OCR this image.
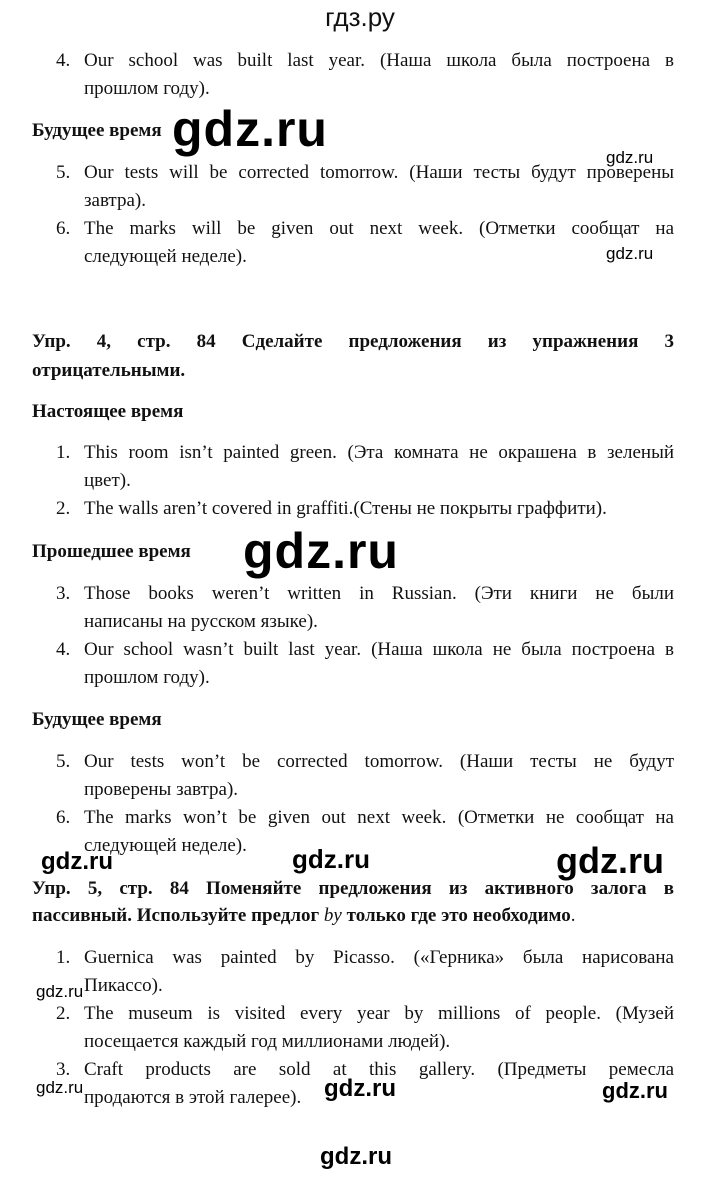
гдз.ру
4. Our school was built last year. (Наша школа была построена в
прошлом году).
Будущее время
5. Our tests will be corrected tomorrow. (Наши тесты будут проверены
завтра).
6. The marks will be given out next week. (Отметки сообщат на
следующей неделе).
Упр. 4, стр. 84 Сделайте предложения из упражнения 3
отрицательными.
Настоящее время
1. This room isn’t painted green. (Эта комната не окрашена в зеленый
цвет).
2. The walls aren’t covered in graffiti.(Стены не покрыты граффити).
Прошедшее время
3. Those books weren’t written in Russian. (Эти книги не были
написаны на русском языке).
4. Our school wasn’t built last year. (Наша школа не была построена в
прошлом году).
Будущее время
5. Our tests won’t be corrected tomorrow. (Наши тесты не будут
проверены завтра).
6. The marks won’t be given out next week. (Отметки не сообщат на
следующей неделе).
Упр. 5, стр. 84 Поменяйте предложения из активного залога в
пассивный. Используйте предлог by только где это необходимо.
1. Guernica was painted by Picasso. («Герника» была нарисована
Пикассо).
2. The museum is visited every year by millions of people. (Музей
посещается каждый год миллионами людей).
3. Craft products are sold at this gallery. (Предметы ремесла
продаются в этой галерее).
gdz.ru
gdz.ru
gdz.ru
gdz.ru
gdz.ru	gdz.ru	gdz.ru
gdz.ru
gdz.ru	gdz.ru	gdz.ru
gdz.ru
